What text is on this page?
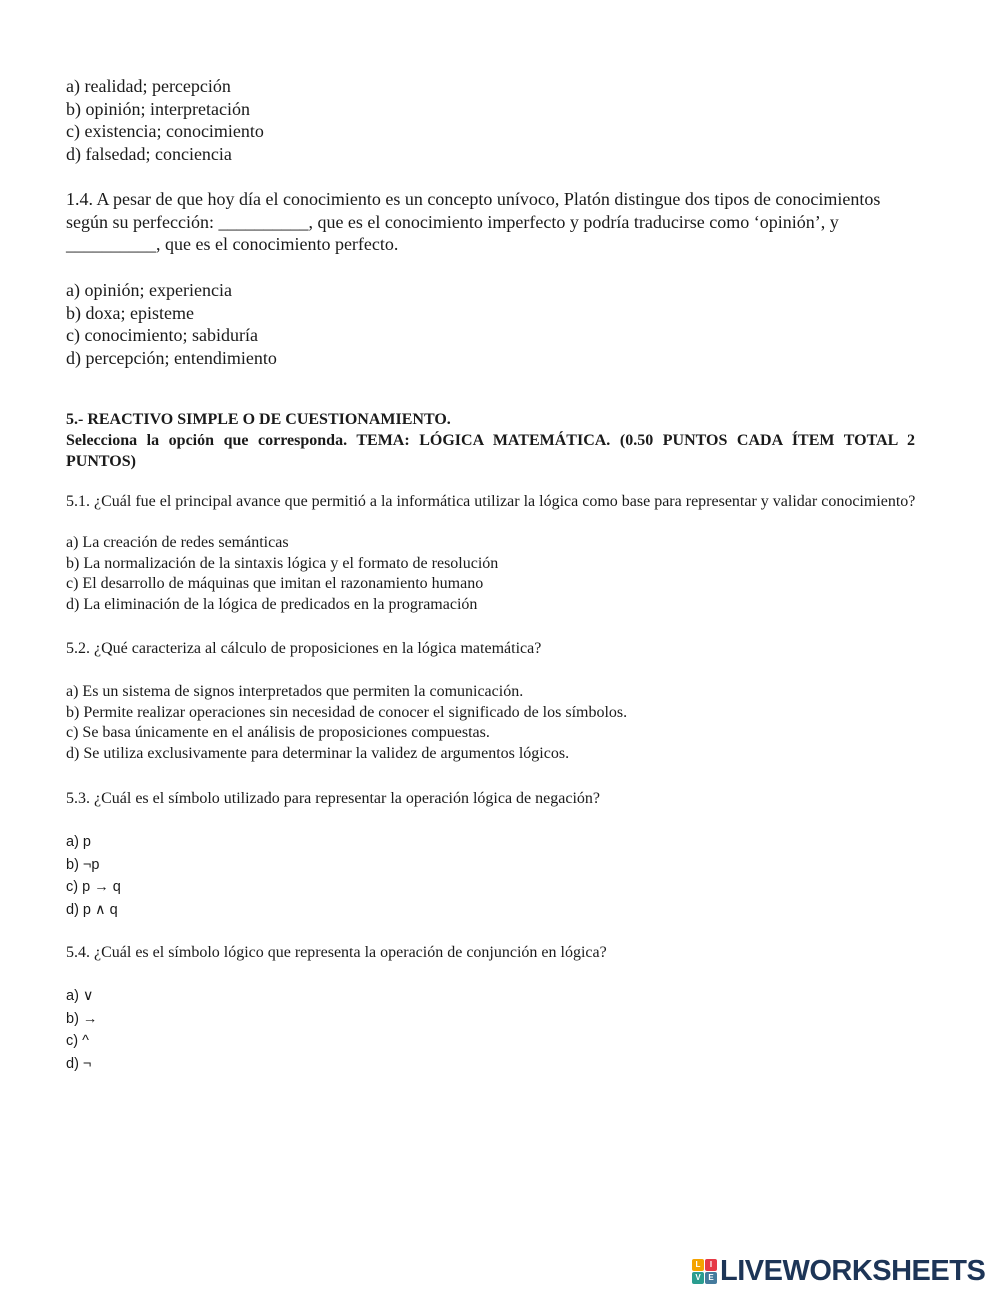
a) realidad; percepción
b) opinión; interpretación
c) existencia; conocimiento
d) falsedad; conciencia

1.4. A pesar de que hoy día el conocimiento es un concepto unívoco, Platón distingue dos tipos de conocimientos según su perfección: __________, que es el conocimiento imperfecto y podría traducirse como ‘opinión’, y __________, que es el conocimiento perfecto.

a) opinión; experiencia
b) doxa; episteme
c) conocimiento; sabiduría
d) percepción; entendimiento
5.- REACTIVO SIMPLE O DE CUESTIONAMIENTO.

Selecciona la opción que corresponda. TEMA: LÓGICA MATEMÁTICA. (0.50 PUNTOS CADA ÍTEM TOTAL 2 PUNTOS)

5.1. ¿Cuál fue el principal avance que permitió a la informática utilizar la lógica como base para representar y validar conocimiento?

a) La creación de redes semánticas
b) La normalización de la sintaxis lógica y el formato de resolución
c) El desarrollo de máquinas que imitan el razonamiento humano
d) La eliminación de la lógica de predicados en la programación
5.2. ¿Qué caracteriza al cálculo de proposiciones en la lógica matemática?
a) Es un sistema de signos interpretados que permiten la comunicación.
b) Permite realizar operaciones sin necesidad de conocer el significado de los símbolos.
c) Se basa únicamente en el análisis de proposiciones compuestas.
d) Se utiliza exclusivamente para determinar la validez de argumentos lógicos.
5.3. ¿Cuál es el símbolo utilizado para representar la operación lógica de negación?
a) p
b) ¬p
c) p → q
d) p ∧ q
5.4. ¿Cuál es el símbolo lógico que representa la operación de conjunción en lógica?
a) ∨
b) →
c) ^
d) ¬
L	I
V E LIVEWORKSHEETS
